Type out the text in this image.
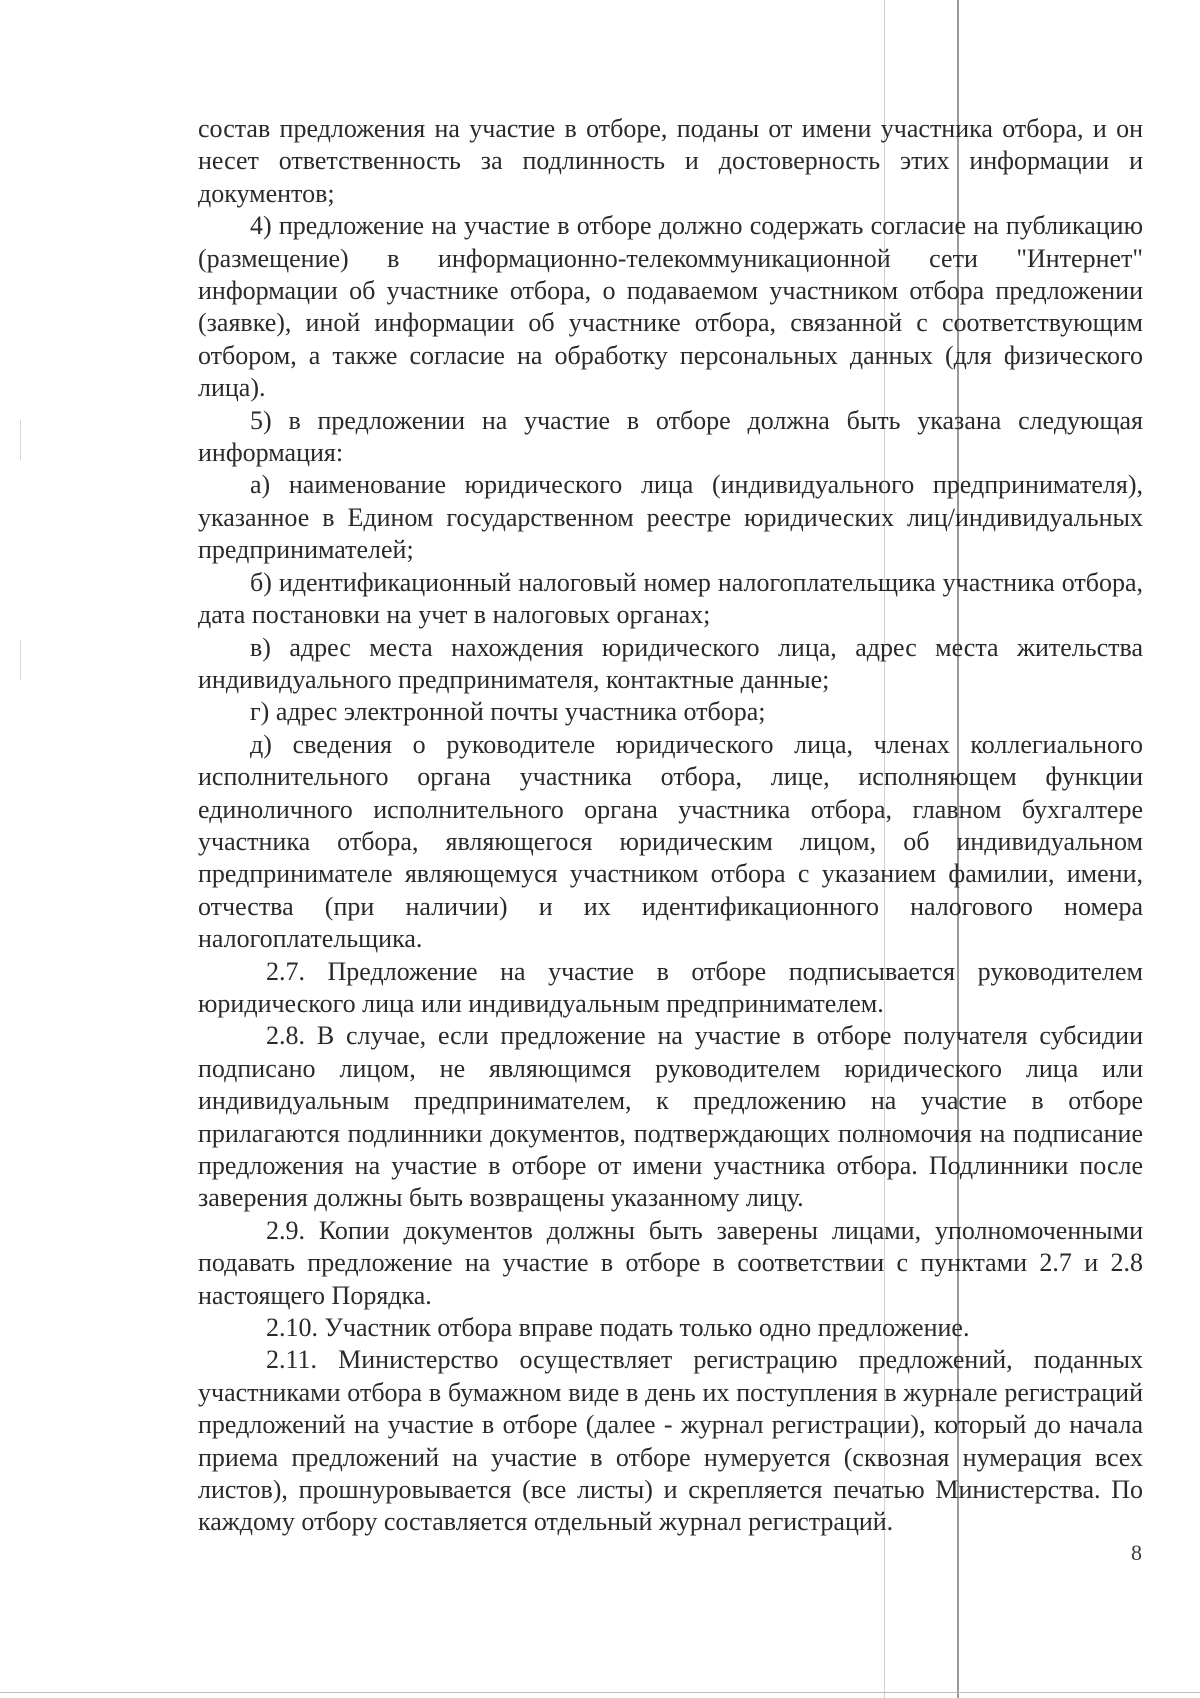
состав предложения на участие в отборе, поданы от имени участника отбора, и он несет ответственность за подлинность и достоверность этих информации и документов;

4) предложение на участие в отборе должно содержать согласие на публикацию (размещение) в информационно-телекоммуникационной сети "Интернет" информации об участнике отбора, о подаваемом участником отбора предложении (заявке), иной информации об участнике отбора, связанной с соответствующим отбором, а также согласие на обработку персональных данных (для физического лица).

5) в предложении на участие в отборе должна быть указана следующая информация:

а) наименование юридического лица (индивидуального предпринимателя), указанное в Едином государственном реестре юридических лиц/индивидуальных предпринимателей;

б) идентификационный налоговый номер налогоплательщика участника отбора, дата постановки на учет в налоговых органах;

в) адрес места нахождения юридического лица, адрес места жительства индивидуального предпринимателя, контактные данные;

г) адрес электронной почты участника отбора;

д) сведения о руководителе юридического лица, членах коллегиального исполнительного органа участника отбора, лице, исполняющем функции единоличного исполнительного органа участника отбора, главном бухгалтере участника отбора, являющегося юридическим лицом, об индивидуальном предпринимателе являющемуся участником отбора с указанием фамилии, имени, отчества (при наличии) и их идентификационного налогового номера налогоплательщика.

2.7. Предложение на участие в отборе подписывается руководителем юридического лица или индивидуальным предпринимателем.

2.8. В случае, если предложение на участие в отборе получателя субсидии подписано лицом, не являющимся руководителем юридического лица или индивидуальным предпринимателем, к предложению на участие в отборе прилагаются подлинники документов, подтверждающих полномочия на подписание предложения на участие в отборе от имени участника отбора. Подлинники после заверения должны быть возвращены указанному лицу.

2.9. Копии документов должны быть заверены лицами, уполномоченными подавать предложение на участие в отборе в соответствии с пунктами 2.7 и 2.8 настоящего Порядка.

2.10. Участник отбора вправе подать только одно предложение.

2.11. Министерство осуществляет регистрацию предложений, поданных участниками отбора в бумажном виде в день их поступления в журнале регистраций предложений на участие в отборе (далее - журнал регистрации), который до начала приема предложений на участие в отборе нумеруется (сквозная нумерация всех листов), прошнуровывается (все листы) и скрепляется печатью Министерства. По каждому отбору составляется отдельный журнал регистраций.

8
